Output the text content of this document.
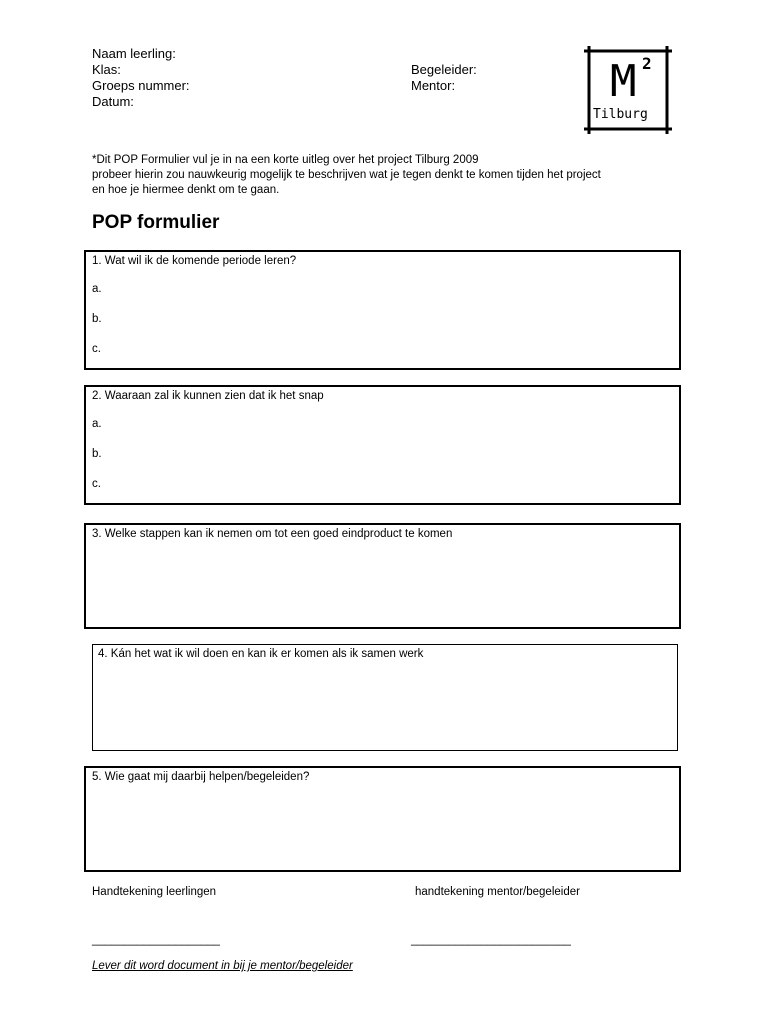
Naam leerling:
Klas:
Groeps nummer:
Datum:
Begeleider:
Mentor:	M 2
Tilburg
*Dit POP Formulier vul je in na een korte uitleg over het project Tilburg 2009
probeer hierin zou nauwkeurig mogelijk te beschrijven wat je tegen denkt te komen tijden het project
en hoe je hiermee denkt om te gaan.
POP formulier
1. Wat wil ik de komende periode leren?
a.
b.
c.
2. Waaraan zal ik kunnen zien dat ik het snap
a.
b.
c.
3. Welke stappen kan ik nemen om tot een goed eindproduct te komen
4. Kán het wat ik wil doen en kan ik er komen als ik samen werk
5. Wie gaat mij daarbij helpen/begeleiden?
Handtekening leerlingen	handtekening mentor/begeleider
____________________	_________________________
Lever dit word document in bij je mentor/begeleider
